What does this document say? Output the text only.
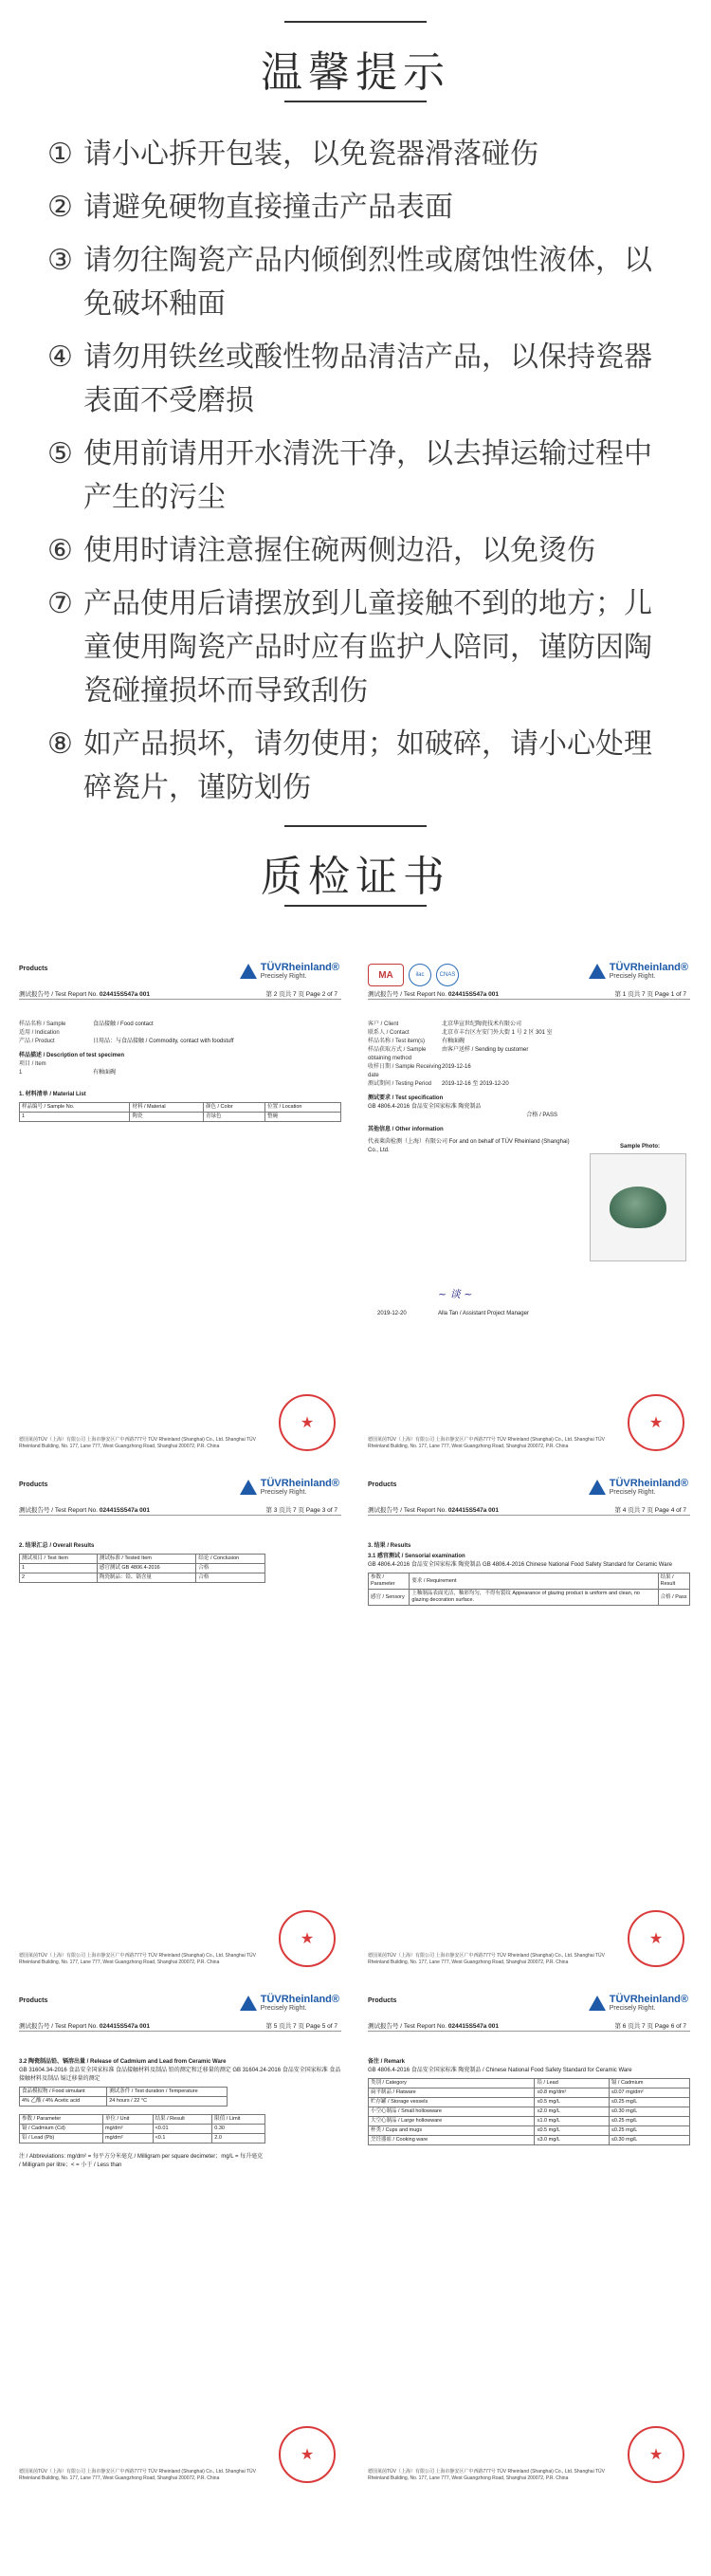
温馨提示
① 请小心拆开包装，以免瓷器滑落碰伤
② 请避免硬物直接撞击产品表面
③ 请勿往陶瓷产品内倾倒烈性或腐蚀性液体，以免破坏釉面
④ 请勿用铁丝或酸性物品清洁产品，以保持瓷器表面不受磨损
⑤ 使用前请用开水清洗干净，以去掉运输过程中产生的污尘
⑥ 使用时请注意握住碗两侧边沿，以免烫伤
⑦ 产品使用后请摆放到儿童接触不到的地方；儿童使用陶瓷产品时应有监护人陪同，谨防因陶瓷碰撞损坏而导致刮伤
⑧ 如产品损坏，请勿使用；如破碎，请小心处理碎瓷片，谨防划伤
质检证书
Products	TÜVRheinland®
Precisely Right.
测试报告号 / Test Report No. 024415S547a 001	第 2 页共 7 页 Page 2 of 7
样品名称 / Sample	食品接触 / Food contact
适用 / Indication
产品 / Product	日用品：与食品接触 / Commodity, contact with foodstuff
样品描述 / Description of test specimen
项目 / Item
1	有釉面碗
1. 材料清单 / Material List
样品编号 / Sample No.	材料 / Material	颜色 / Color	位置 / Location
1	陶瓷	青绿色	整碗
德国莱茵TÜV（上海）有限公司 上海市静安区广中西路777号 TÜV Rheinland (Shanghai) Co., Ltd. Shanghai TÜV Rheinland Building, No. 177, Lane 777, West Guangzhong Road, Shanghai 200072, P.R. China
★
MA	ilac	CNAS
TÜVRheinland®
Precisely Right.
测试报告号 / Test Report No. 024415S547a 001	第 1 页共 7 页 Page 1 of 7
客户 / Client	北京华宣世纪陶瓷技术有限公司
联系人 / Contact	北京市丰台区左安门外大街 1 号 2 区 301 室
样品名称 / Test item(s)	有釉面碗
样品获取方式 / Sample obtaining method
由客户送样 / Sending by customer
收样日期 / Sample Receiving date
2019-12-16
测试期间 / Testing Period	2019-12-16 至 2019-12-20
测试要求 / Test specification
GB 4806.4-2016 食品安全国家标准 陶瓷制品
合格 / PASS
其他信息 / Other information
代表莱茵检测（上海）有限公司 For and on behalf of TÜV Rheinland (Shanghai) Co., Ltd.
Sample Photo:
~ 谈 ~
2019-12-20	Alla Tan / Assistant Project Manager
德国莱茵TÜV（上海）有限公司 上海市静安区广中西路777号 TÜV Rheinland (Shanghai) Co., Ltd. Shanghai TÜV Rheinland Building, No. 177, Lane 777, West Guangzhong Road, Shanghai 200072, P.R. China
★
Products	TÜVRheinland®
Precisely Right.
测试报告号 / Test Report No. 024415S547a 001	第 3 页共 7 页 Page 3 of 7
2. 结果汇总 / Overall Results
测试项目 / Test Item	测试标准 / Tested Item	结论 / Conclusion
1	感官测试 GB 4806.4-2016	合格
2	陶瓷制品：铅、镉含量	合格
德国莱茵TÜV（上海）有限公司 上海市静安区广中西路777号 TÜV Rheinland (Shanghai) Co., Ltd. Shanghai TÜV Rheinland Building, No. 177, Lane 777, West Guangzhong Road, Shanghai 200072, P.R. China
★
Products	TÜVRheinland®
Precisely Right.
测试报告号 / Test Report No. 024415S547a 001	第 4 页共 7 页 Page 4 of 7
3. 结果 / Results
3.1 感官测试 / Sensorial examination
GB 4806.4-2016 食品安全国家标准 陶瓷制品 GB 4806.4-2016 Chinese National Food Safety Standard for Ceramic Ware
参数 / Parameter	要求 / Requirement	结果 / Result
感官 / Sensory	上釉制品表面光洁，釉彩均匀，不得有裂纹 Appearance of glazing product is uniform and clean, no glazing decoration surface.	合格 / Pass
德国莱茵TÜV（上海）有限公司 上海市静安区广中西路777号 TÜV Rheinland (Shanghai) Co., Ltd. Shanghai TÜV Rheinland Building, No. 177, Lane 777, West Guangzhong Road, Shanghai 200072, P.R. China
★
Products	TÜVRheinland®
Precisely Right.
测试报告号 / Test Report No. 024415S547a 001	第 5 页共 7 页 Page 5 of 7
3.2 陶瓷制品铅、镉溶出量 / Release of Cadmium and Lead from Ceramic Ware
GB 31604.34-2016 食品安全国家标准 食品接触材料及制品 铅的测定和迁移量的测定 GB 31604.24-2016 食品安全国家标准 食品接触材料及制品 镉迁移量的测定
食品模拟物 / Food simulant	测试条件 / Test duration / Temperature
4% 乙酸 / 4% Acetic acid	24 hours / 22 °C
参数 / Parameter	单位 / Unit	结果 / Result	限值 / Limit
镉 / Cadmium (Cd)	mg/dm²	<0.01	0.30
铅 / Lead (Pb)	mg/dm²	<0.1	2.0
注 / Abbreviations: mg/dm² = 每平方分米毫克 / Milligram per square decimeter；mg/L = 每升毫克 / Milligram per litre；< = 小于 / Less than
德国莱茵TÜV（上海）有限公司 上海市静安区广中西路777号 TÜV Rheinland (Shanghai) Co., Ltd. Shanghai TÜV Rheinland Building, No. 177, Lane 777, West Guangzhong Road, Shanghai 200072, P.R. China
★
Products	TÜVRheinland®
Precisely Right.
测试报告号 / Test Report No. 024415S547a 001	第 6 页共 7 页 Page 6 of 7
备注 / Remark
GB 4806.4-2016 食品安全国家标准 陶瓷制品 / Chinese National Food Safety Standard for Ceramic Ware
类别 / Category	铅 / Lead	镉 / Cadmium
扁平制品 / Flatware	≤0.8 mg/dm²	≤0.07 mg/dm²
贮存罐 / Storage vessels	≤0.5 mg/L	≤0.25 mg/L
小空心制品 / Small hollowware	≤2.0 mg/L	≤0.30 mg/L
大空心制品 / Large hollowware	≤1.0 mg/L	≤0.25 mg/L
杯类 / Cups and mugs	≤0.5 mg/L	≤0.25 mg/L
烹饪器皿 / Cooking ware	≤3.0 mg/L	≤0.30 mg/L
德国莱茵TÜV（上海）有限公司 上海市静安区广中西路777号 TÜV Rheinland (Shanghai) Co., Ltd. Shanghai TÜV Rheinland Building, No. 177, Lane 777, West Guangzhong Road, Shanghai 200072, P.R. China
★
